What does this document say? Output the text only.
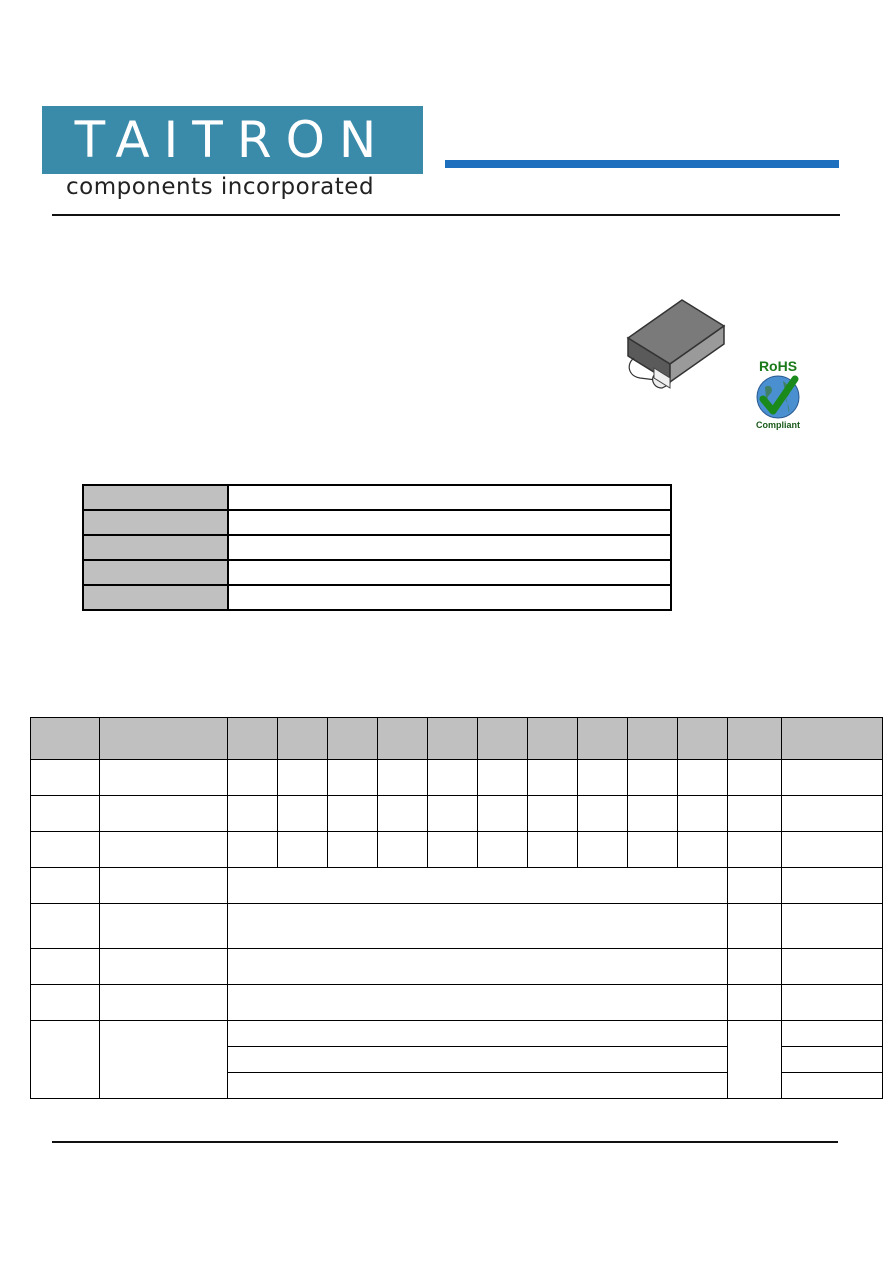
TAITRON
components incorporated
RoHS
Compliant
